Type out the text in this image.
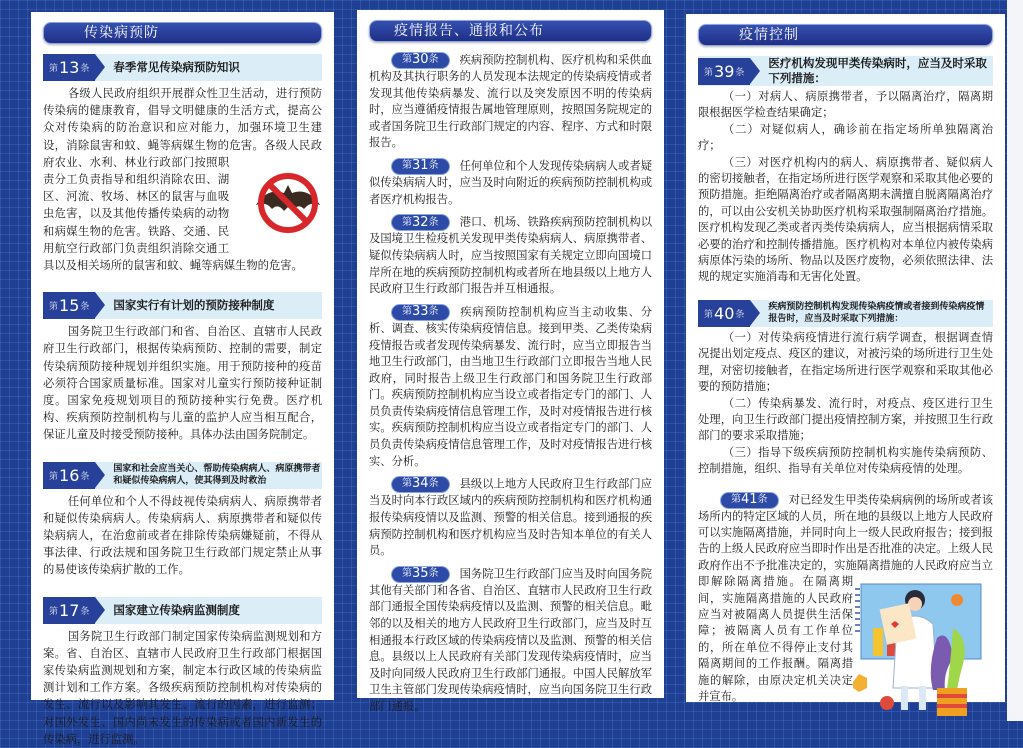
传染病预防
第 13 条 春季常见传染病预防知识

各级人民政府组织开展群众性卫生活动，进行预防传染病的健康教育，倡导文明健康的生活方式，提高公众对传染病的防治意识和应对能力，加强环境卫生建设，消除鼠害和蚊、蝇等病媒生物的危害。各级人民政府农业、水利、林业行政部门按照职责分工负责指导和组织消除农田、湖区、河流、牧场、林区的鼠害与血吸虫危害，以及其他传播传染病的动物和病媒生物的危害。铁路、交通、民用航空行政部门负责组织消除交通工具以及相关场所的鼠害和蚊、蝇等病媒生物的危害。

第 15 条 国家实行有计划的预防接种制度

国务院卫生行政部门和省、自治区、直辖市人民政府卫生行政部门，根据传染病预防、控制的需要，制定传染病预防接种规划并组织实施。用于预防接种的疫苗必须符合国家质量标准。国家对儿童实行预防接种证制度。国家免疫规划项目的预防接种实行免费。医疗机构、疾病预防控制机构与儿童的监护人应当相互配合，保证儿童及时接受预防接种。具体办法由国务院制定。

第 16 条
国家和社会应当关心、帮助传染病病人、病原携带者和疑似传染病病人，使其得到及时救治

任何单位和个人不得歧视传染病病人、病原携带者和疑似传染病病人。传染病病人、病原携带者和疑似传染病病人，在治愈前或者在排除传染病嫌疑前，不得从事法律、行政法规和国务院卫生行政部门规定禁止从事的易使该传染病扩散的工作。

第 17 条 国家建立传染病监测制度

国务院卫生行政部门制定国家传染病监测规划和方案。省、自治区、直辖市人民政府卫生行政部门根据国家传染病监测规划和方案，制定本行政区域的传染病监测计划和工作方案。各级疾病预防控制机构对传染病的发生、流行以及影响其发生、流行的因素，进行监测；对国外发生、国内尚未发生的传染病或者国内新发生的传染病，进行监测。

疫情报告、通报和公布

第 30 条 疾病预防控制机构、医疗机构和采供血机构及其执行职务的人员发现本法规定的传染病疫情或者发现其他传染病暴发、流行以及突发原因不明的传染病时，应当遵循疫情报告属地管理原则，按照国务院规定的或者国务院卫生行政部门规定的内容、程序、方式和时限报告。

第 31 条 任何单位和个人发现传染病病人或者疑似传染病病人时，应当及时向附近的疾病预防控制机构或者医疗机构报告。

第 32 条 港口、机场、铁路疾病预防控制机构以及国境卫生检疫机关发现甲类传染病病人、病原携带者、疑似传染病病人时，应当按照国家有关规定立即向国境口岸所在地的疾病预防控制机构或者所在地县级以上地方人民政府卫生行政部门报告并互相通报。

第 33 条 疾病预防控制机构应当主动收集、分析、调查、核实传染病疫情信息。接到甲类、乙类传染病疫情报告或者发现传染病暴发、流行时，应当立即报告当地卫生行政部门，由当地卫生行政部门立即报告当地人民政府，同时报告上级卫生行政部门和国务院卫生行政部门。疾病预防控制机构应当设立或者指定专门的部门、人员负责传染病疫情信息管理工作，及时对疫情报告进行核实。疾病预防控制机构应当设立或者指定专门的部门、人员负责传染病疫情信息管理工作，及时对疫情报告进行核实、分析。

第 34 条 县级以上地方人民政府卫生行政部门应当及时向本行政区域内的疾病预防控制机构和医疗机构通报传染病疫情以及监测、预警的相关信息。接到通报的疾病预防控制机构和医疗机构应当及时告知本单位的有关人员。

第 35 条 国务院卫生行政部门应当及时向国务院其他有关部门和各省、自治区、直辖市人民政府卫生行政部门通报全国传染病疫情以及监测、预警的相关信息。毗邻的以及相关的地方人民政府卫生行政部门，应当及时互相通报本行政区域的传染病疫情以及监测、预警的相关信息。县级以上人民政府有关部门发现传染病疫情时，应当及时向同级人民政府卫生行政部门通报。中国人民解放军卫生主管部门发现传染病疫情时，应当向国务院卫生行政部门通报。

疫情控制
第 39 条
医疗机构发现甲类传染病时，应当及时采取下列措施：

（一）对病人、病原携带者，予以隔离治疗，隔离期限根据医学检查结果确定；

（二）对疑似病人，确诊前在指定场所单独隔离治疗；

（三）对医疗机构内的病人、病原携带者、疑似病人的密切接触者，在指定场所进行医学观察和采取其他必要的预防措施。拒绝隔离治疗或者隔离期未满擅自脱离隔离治疗的，可以由公安机关协助医疗机构采取强制隔离治疗措施。医疗机构发现乙类或者丙类传染病病人，应当根据病情采取必要的治疗和控制传播措施。医疗机构对本单位内被传染病病原体污染的场所、物品以及医疗废物，必须依照法律、法规的规定实施消毒和无害化处置。

第 40 条
疾病预防控制机构发现传染病疫情或者接到传染病疫情报告时，应当及时采取下列措施：

（一）对传染病疫情进行流行病学调查，根据调查情况提出划定疫点、疫区的建议，对被污染的场所进行卫生处理，对密切接触者，在指定场所进行医学观察和采取其他必要的预防措施；

（二）传染病暴发、流行时，对疫点、疫区进行卫生处理，向卫生行政部门提出疫情控制方案，并按照卫生行政部门的要求采取措施；

（三）指导下级疾病预防控制机构实施传染病预防、控制措施，组织、指导有关单位对传染病疫情的处理。

第 41 条 对已经发生甲类传染病病例的场所或者该场所内的特定区域的人员，所在地的县级以上地方人民政府可以实施隔离措施，并同时向上一级人民政府报告；接到报告的上级人民政府应当即时作出是否批准的决定。上级人民政府作出不予批准决定的，实施隔离措施的人民政府应当立即解除隔离措施。在隔离期间，实施隔离措施的人民政府应当对被隔离人员提供生活保障；被隔离人员有工作单位的，所在单位不得停止支付其隔离期间的工作报酬。隔离措施的解除，由原决定机关决定并宣布。
